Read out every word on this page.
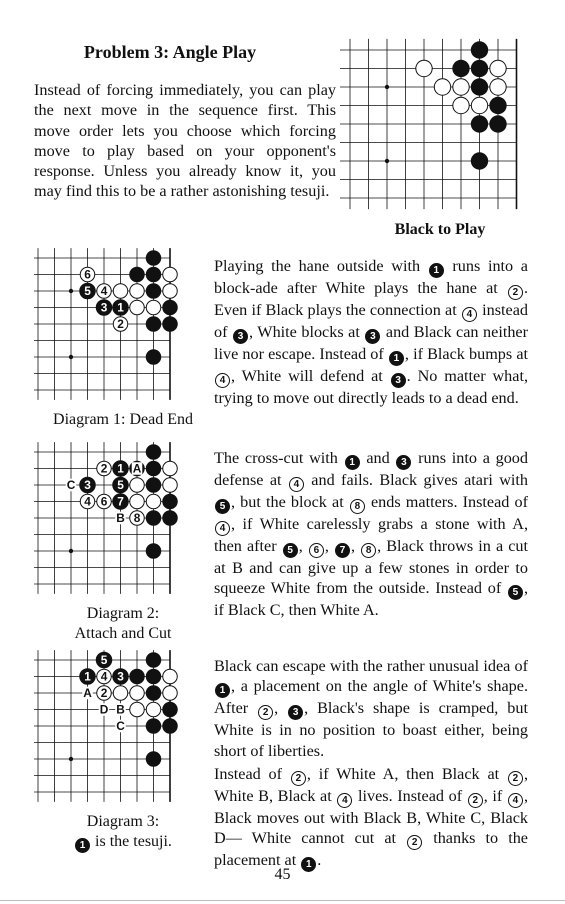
Problem 3: Angle Play

Instead of forcing immediately, you can play the next move in the sequence first. This move order lets you choose which forcing move to play based on your opponent's response. Unless you already know it, you may find this to be a rather astonishing tesuji.

Black to Play
6
5 4
3 1
2
Diagram 1: Dead End

Playing the hane outside with 1 runs into a block-ade after White plays the hane at 2 . Even if Black plays the connection at 4 instead of 3 , White blocks at 3 and Black can neither live nor escape. Instead of 1 , if Black bumps at 4 , White will defend at 3 . No matter what, trying to move out directly leads to a dead end.

2 1
3 5
4 6 7
8
A
C
B
Diagram 2:
Attach and Cut

The cross-cut with 1 and 3 runs into a good defense at 4 and fails. Black gives atari with 5 , but the block at 8 ends matters. Instead of 4 , if White carelessly grabs a stone with A, then after 5 , 6 , 7 , 8 , Black throws in a cut at B and can give up a few stones in order to squeeze White from the outside. Instead of 5 , if Black C, then White A.

5
1 4 3
2
A
D B
C
Diagram 3:
1 is the tesuji.

Black can escape with the rather unusual idea of 1 , a placement on the angle of White's shape. After 2 , 3 , Black's shape is cramped, but White is in no position to boast either, being short of liberties.

Instead of 2 , if White A, then Black at 2 , White B, Black at 4 lives. Instead of 2 , if 4 , Black moves out with Black B, White C, Black D— White cannot cut at 2 thanks to the placement at 1 .

45
